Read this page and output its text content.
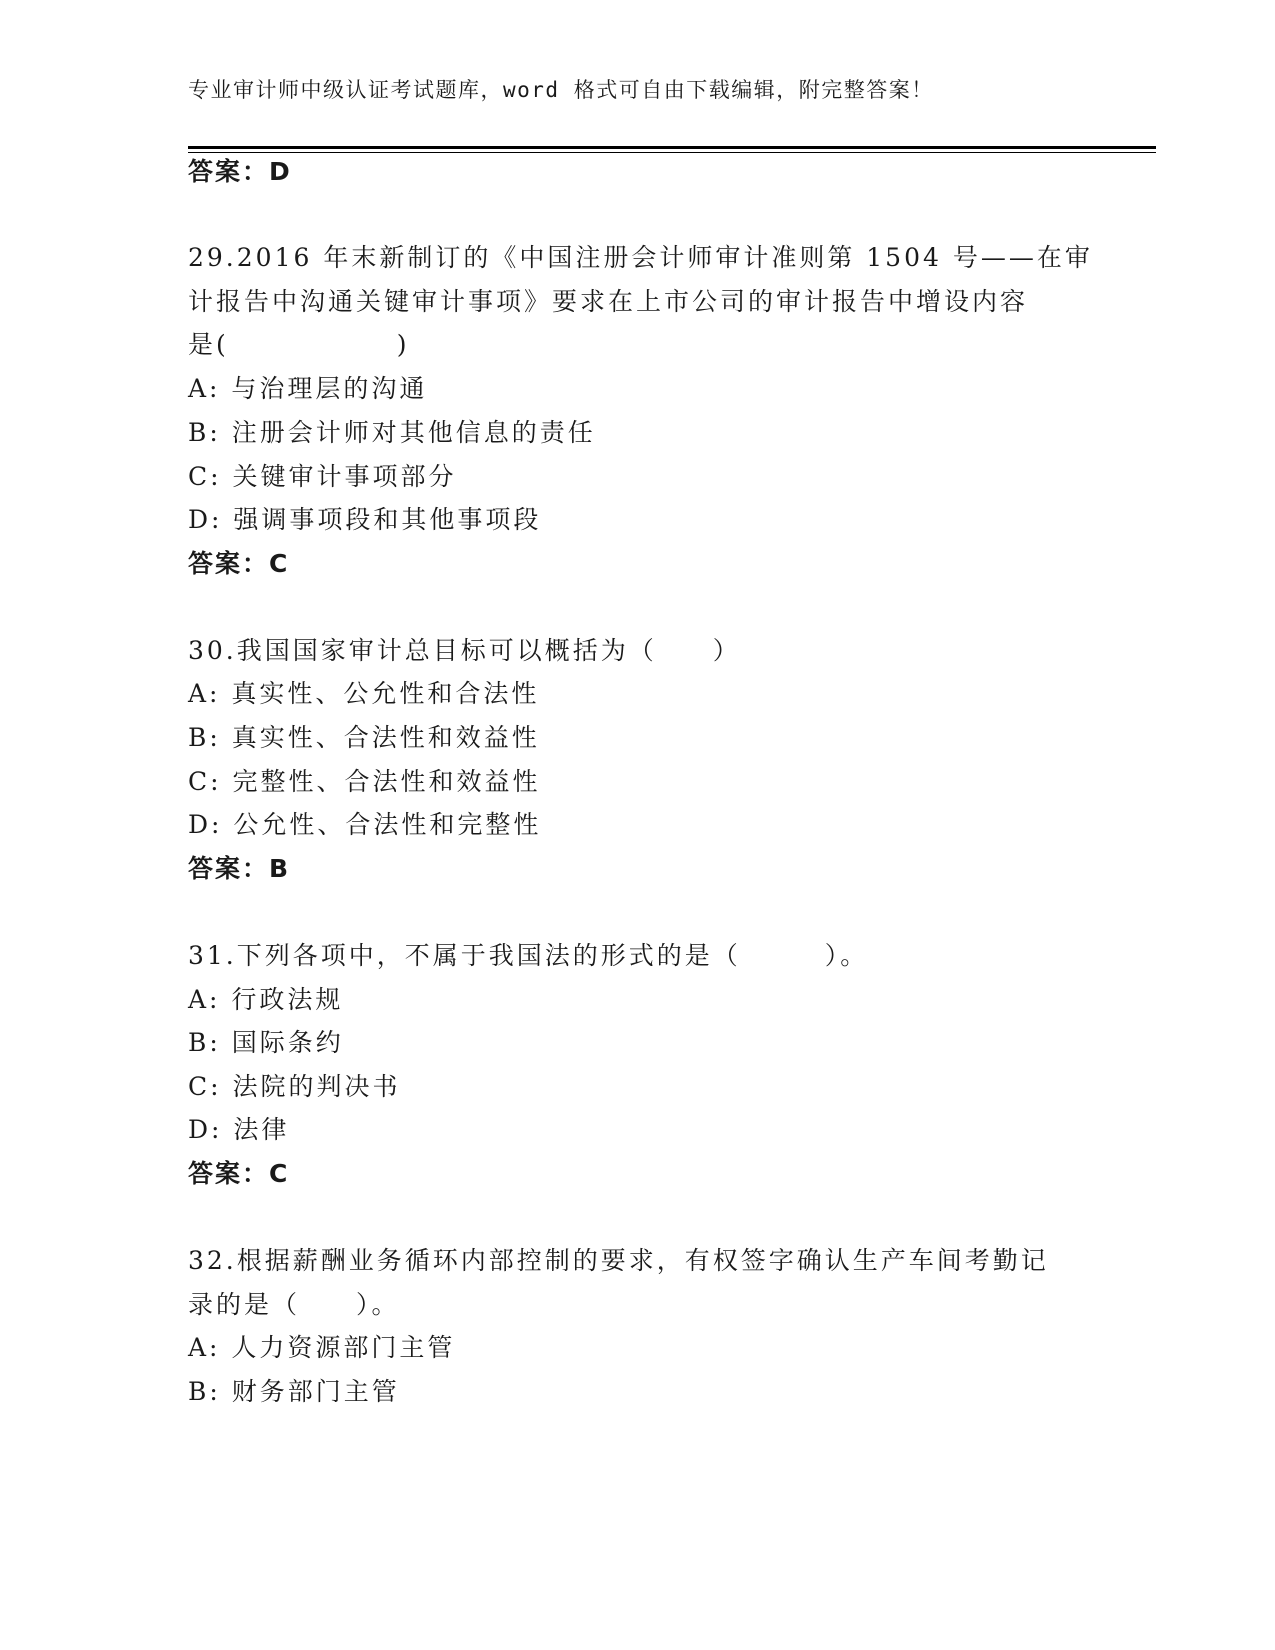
专业审计师中级认证考试题库，word 格式可自由下载编辑，附完整答案！
答案：D
29.2016 年末新制订的《中国注册会计师审计准则第 1504 号——在审
计报告中沟通关键审计事项》要求在上市公司的审计报告中增设内容
是(　　　　　　)
A: 与治理层的沟通
B: 注册会计师对其他信息的责任
C: 关键审计事项部分
D: 强调事项段和其他事项段
答案：C
30.我国国家审计总目标可以概括为（　　）
A: 真实性、公允性和合法性
B: 真实性、合法性和效益性
C: 完整性、合法性和效益性
D: 公允性、合法性和完整性
答案：B
31.下列各项中，不属于我国法的形式的是（　　　）。
A: 行政法规
B: 国际条约
C: 法院的判决书
D: 法律
答案：C
32.根据薪酬业务循环内部控制的要求，有权签字确认生产车间考勤记
录的是（　　）。
A: 人力资源部门主管
B: 财务部门主管
